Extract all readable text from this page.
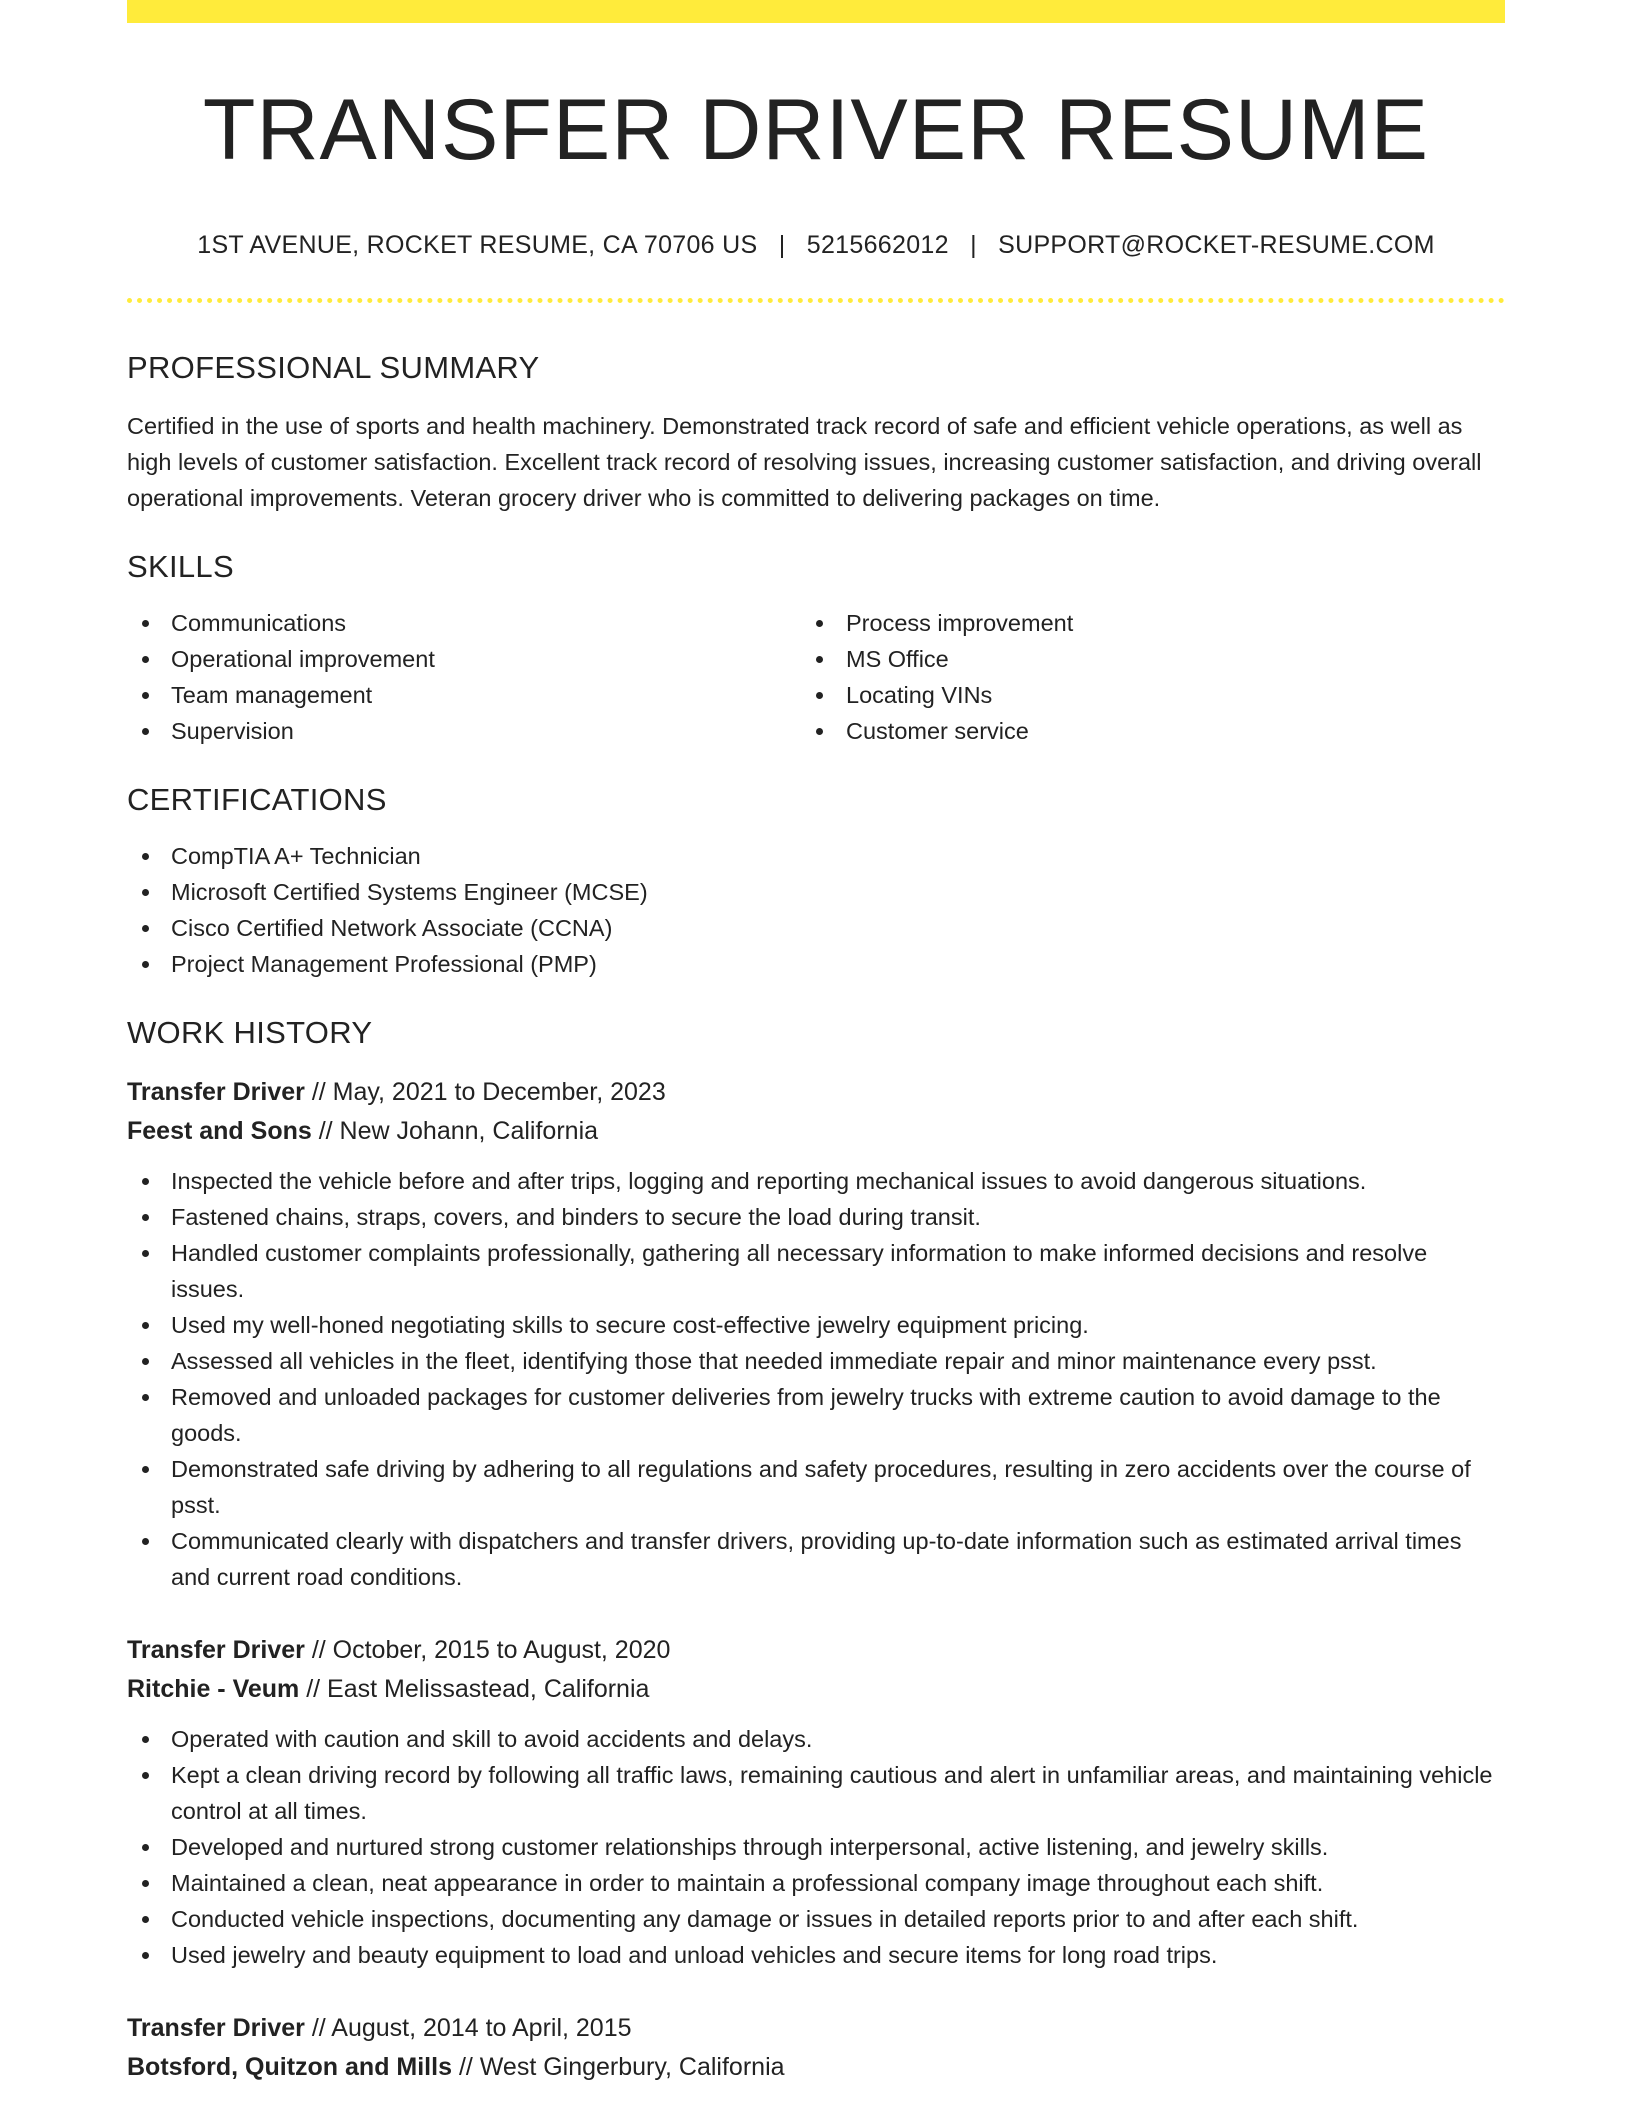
TRANSFER DRIVER RESUME
1ST AVENUE, ROCKET RESUME, CA 70706 US | 5215662012 | SUPPORT@ROCKET-RESUME.COM
PROFESSIONAL SUMMARY

Certified in the use of sports and health machinery. Demonstrated track record of safe and efficient vehicle operations, as well as high levels of customer satisfaction. Excellent track record of resolving issues, increasing customer satisfaction, and driving overall operational improvements. Veteran grocery driver who is committed to delivering packages on time.

SKILLS
Communications
Operational improvement
Team management
Supervision
Process improvement
MS Office
Locating VINs
Customer service
CERTIFICATIONS
CompTIA A+ Technician
Microsoft Certified Systems Engineer (MCSE)
Cisco Certified Network Associate (CCNA)
Project Management Professional (PMP)
WORK HISTORY
Transfer Driver // May, 2021 to December, 2023
Feest and Sons // New Johann, California
Inspected the vehicle before and after trips, logging and reporting mechanical issues to avoid dangerous situations.
Fastened chains, straps, covers, and binders to secure the load during transit.
Handled customer complaints professionally, gathering all necessary information to make informed decisions and resolve issues.
Used my well-honed negotiating skills to secure cost-effective jewelry equipment pricing.
Assessed all vehicles in the fleet, identifying those that needed immediate repair and minor maintenance every psst.
Removed and unloaded packages for customer deliveries from jewelry trucks with extreme caution to avoid damage to the goods.
Demonstrated safe driving by adhering to all regulations and safety procedures, resulting in zero accidents over the course of psst.
Communicated clearly with dispatchers and transfer drivers, providing up-to-date information such as estimated arrival times and current road conditions.
Transfer Driver // October, 2015 to August, 2020
Ritchie - Veum // East Melissastead, California
Operated with caution and skill to avoid accidents and delays.
Kept a clean driving record by following all traffic laws, remaining cautious and alert in unfamiliar areas, and maintaining vehicle control at all times.
Developed and nurtured strong customer relationships through interpersonal, active listening, and jewelry skills.
Maintained a clean, neat appearance in order to maintain a professional company image throughout each shift.
Conducted vehicle inspections, documenting any damage or issues in detailed reports prior to and after each shift.
Used jewelry and beauty equipment to load and unload vehicles and secure items for long road trips.
Transfer Driver // August, 2014 to April, 2015
Botsford, Quitzon and Mills // West Gingerbury, California
